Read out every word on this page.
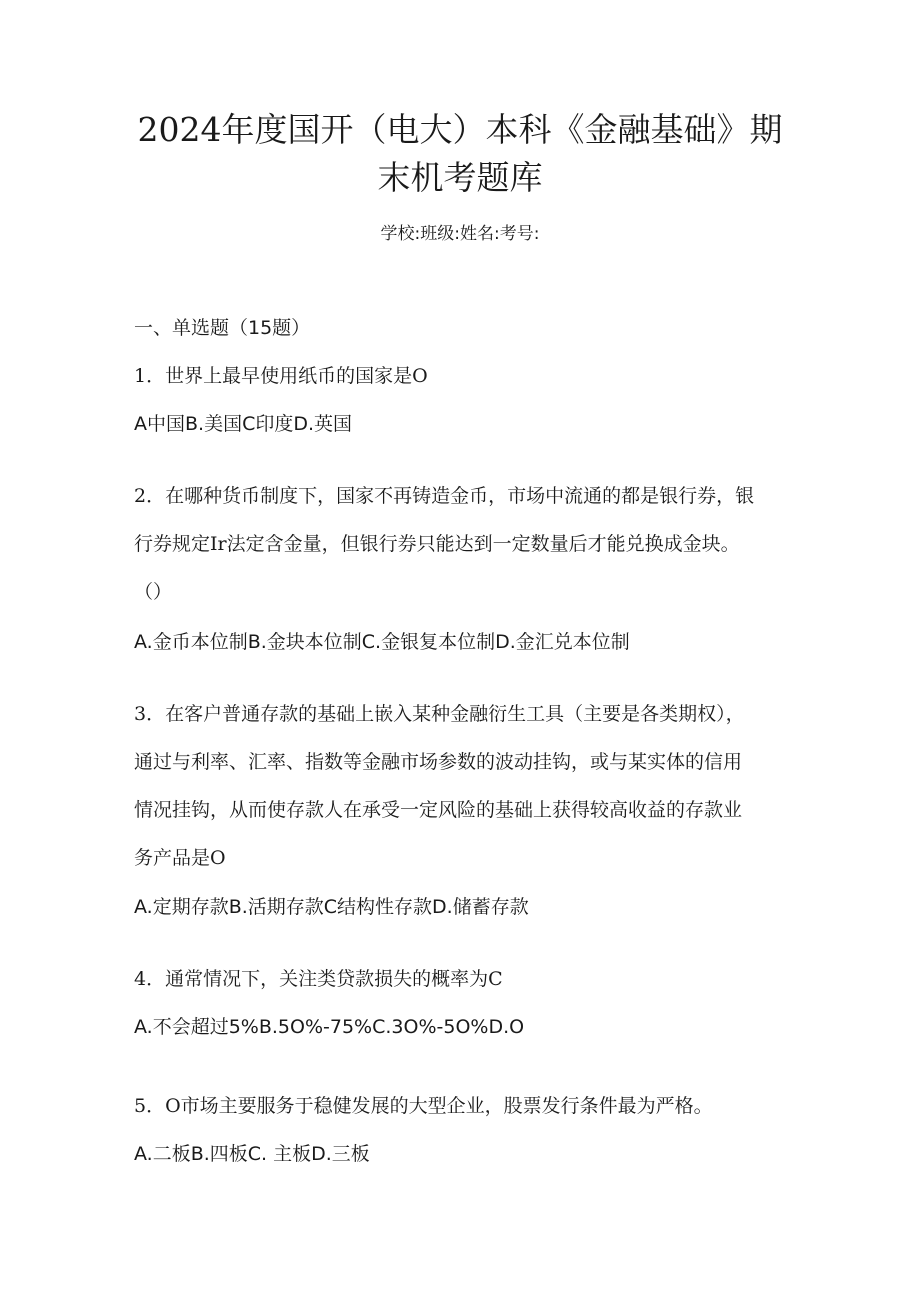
2024年度国开（电大）本科《金融基础》期
末机考题库
学校:班级:姓名:考号:
一、单选题（15题）
1．世界上最早使用纸币的国家是O
A中国B.美国C印度D.英国
2．在哪种货币制度下，国家不再铸造金币，市场中流通的都是银行券，银
行券规定Ir法定含金量，但银行券只能达到一定数量后才能兑换成金块。
（）
A.金币本位制B.金块本位制C.金银复本位制D.金汇兑本位制
3．在客户普通存款的基础上嵌入某种金融衍生工具（主要是各类期权），
通过与利率、汇率、指数等金融市场参数的波动挂钩，或与某实体的信用
情况挂钩，从而使存款人在承受一定风险的基础上获得较高收益的存款业
务产品是O
A.定期存款B.活期存款C结构性存款D.储蓄存款
4．通常情况下，关注类贷款损失的概率为C
A.不会超过5%B.5O%-75%C.3O%-5O%D.O
5．O市场主要服务于稳健发展的大型企业，股票发行条件最为严格。
A.二板B.四板C. 主板D.三板
